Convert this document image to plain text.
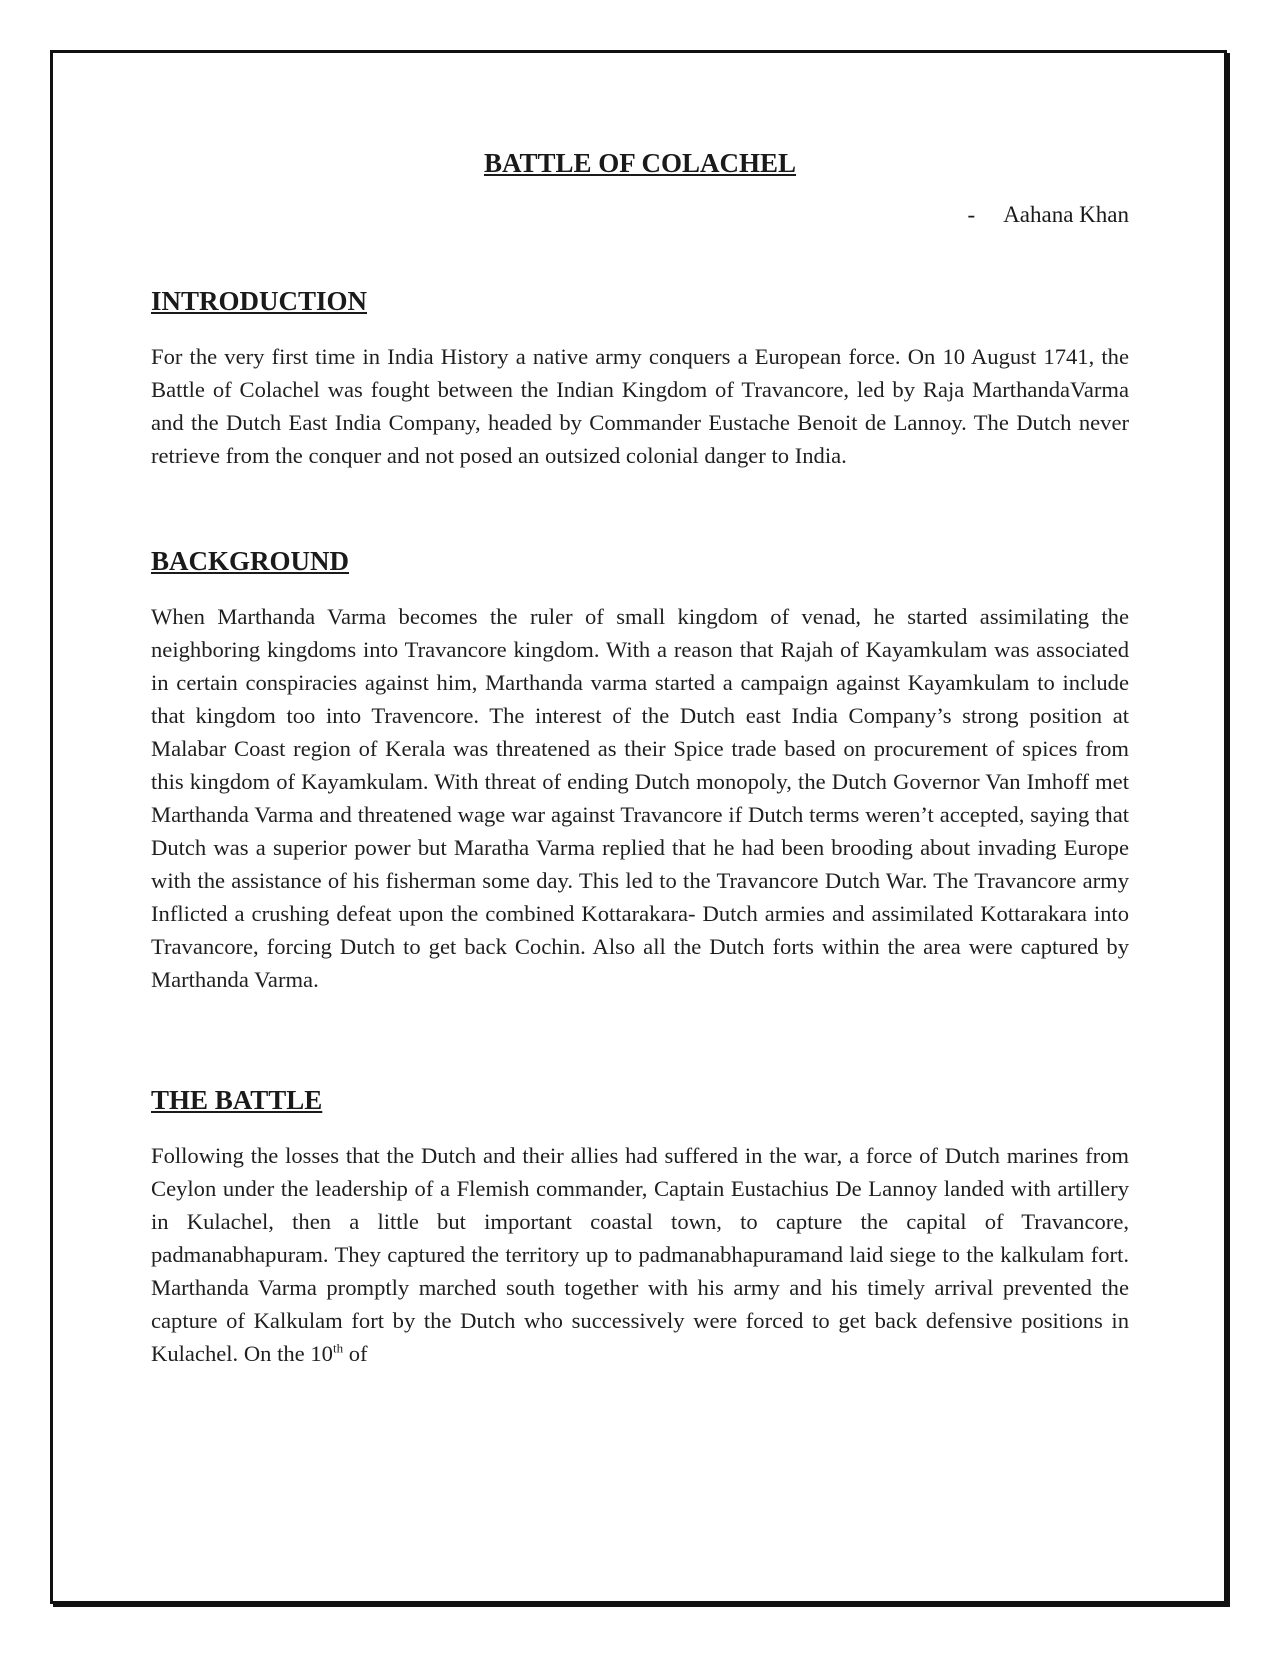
BATTLE OF COLACHEL
- Aahana Khan
INTRODUCTION

For the very first time in India History a native army conquers a European force. On 10 August 1741, the Battle of Colachel was fought between the Indian Kingdom of Travancore, led by Raja MarthandaVarma and the Dutch East India Company, headed by Commander Eustache Benoit de Lannoy. The Dutch never retrieve from the conquer and not posed an outsized colonial danger to India.

BACKGROUND

When Marthanda Varma becomes the ruler of small kingdom of venad, he started assimilating the neighboring kingdoms into Travancore kingdom. With a reason that Rajah of Kayamkulam was associated in certain conspiracies against him, Marthanda varma started a campaign against Kayamkulam to include that kingdom too into Travencore. The interest of the Dutch east India Company’s strong position at Malabar Coast region of Kerala was threatened as their Spice trade based on procurement of spices from this kingdom of Kayamkulam. With threat of ending Dutch monopoly, the Dutch Governor Van Imhoff met Marthanda Varma and threatened wage war against Travancore if Dutch terms weren’t accepted, saying that Dutch was a superior power but Maratha Varma replied that he had been brooding about invading Europe with the assistance of his fisherman some day. This led to the Travancore Dutch War. The Travancore army Inflicted a crushing defeat upon the combined Kottarakara- Dutch armies and assimilated Kottarakara into Travancore, forcing Dutch to get back Cochin. Also all the Dutch forts within the area were captured by Marthanda Varma.

THE BATTLE

Following the losses that the Dutch and their allies had suffered in the war, a force of Dutch marines from Ceylon under the leadership of a Flemish commander, Captain Eustachius De Lannoy landed with artillery in Kulachel, then a little but important coastal town, to capture the capital of Travancore, padmanabhapuram. They captured the territory up to padmanabhapuramand laid siege to the kalkulam fort. Marthanda Varma promptly marched south together with his army and his timely arrival prevented the capture of Kalkulam fort by the Dutch who successively were forced to get back defensive positions in Kulachel. On the 10th of
